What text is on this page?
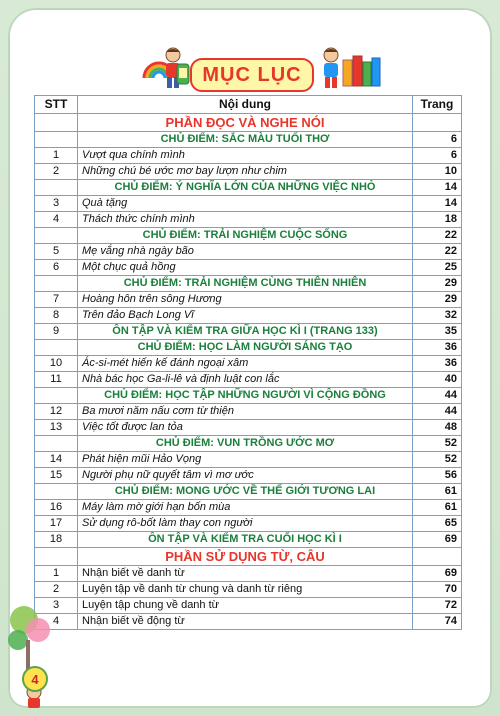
MỤC LỤC
STT	Nội dung	Trang
	PHẦN ĐỌC VÀ NGHE NÓI	
	CHỦ ĐIỂM: SẮC MÀU TUỔI THƠ	6
1	Vượt qua chính mình	6
2	Những chú bé ước mơ bay lượn như chim	10
	CHỦ ĐIỂM: Ý NGHĨA LỚN CỦA NHỮNG VIỆC NHỎ	14
3	Quà tặng	14
4	Thách thức chính mình	18
	CHỦ ĐIỂM: TRẢI NGHIỆM CUỘC SỐNG	22
5	Mẹ vắng nhà ngày bão	22
6	Một chục quả hồng	25
	CHỦ ĐIỂM: TRẢI NGHIỆM CÙNG THIÊN NHIÊN	29
7	Hoàng hôn trên sông Hương	29
8	Trên đảo Bạch Long Vĩ	32
9	ÔN TẬP VÀ KIỂM TRA GIỮA HỌC KÌ I (TRANG 133)	35
	CHỦ ĐIỂM: HỌC LÀM NGƯỜI SÁNG TẠO	36
10	Ác-si-mét hiến kế đánh ngoại xâm	36
11	Nhà bác học Ga-li-lê và định luật con lắc	40
	CHỦ ĐIỂM: HỌC TẬP NHỮNG NGƯỜI VÌ CỘNG ĐỒNG	44
12	Ba mươi năm nấu cơm từ thiện	44
13	Việc tốt được lan tỏa	48
	CHỦ ĐIỂM: VUN TRỒNG ƯỚC MƠ	52
14	Phát hiện mũi Hảo Vọng	52
15	Người phụ nữ quyết tâm vì mơ ước	56
	CHỦ ĐIỂM: MONG ƯỚC VỀ THẾ GIỚI TƯƠNG LAI	61
16	Máy làm mờ giới hạn bốn mùa	61
17	Sử dụng rô-bốt làm thay con người	65
18	ÔN TẬP VÀ KIỂM TRA CUỐI HỌC KÌ I	69
	PHẦN SỬ DỤNG TỪ, CÂU	
1	Nhận biết về danh từ	69
2	Luyện tập về danh từ chung và danh từ riêng	70
3	Luyện tập chung về danh từ	72
4	Nhận biết về động từ	74
4
